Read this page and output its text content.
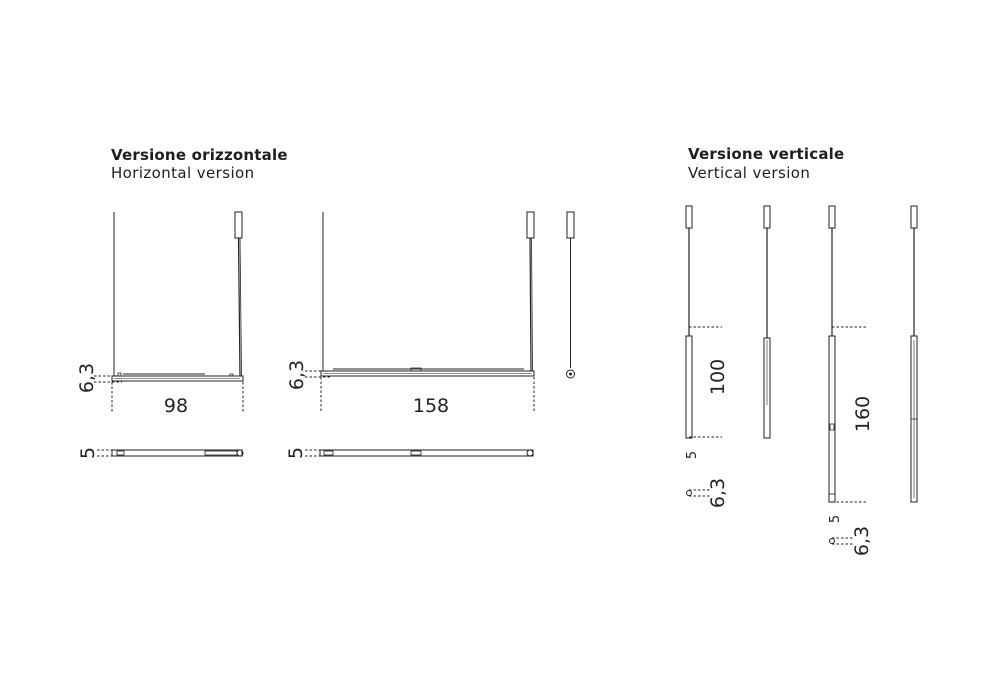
Versione orizzontale
Horizontal version
Versione verticale
Vertical version
6,3
98
5
6,3
158
5
100
5
6,3
160
5
6,3
